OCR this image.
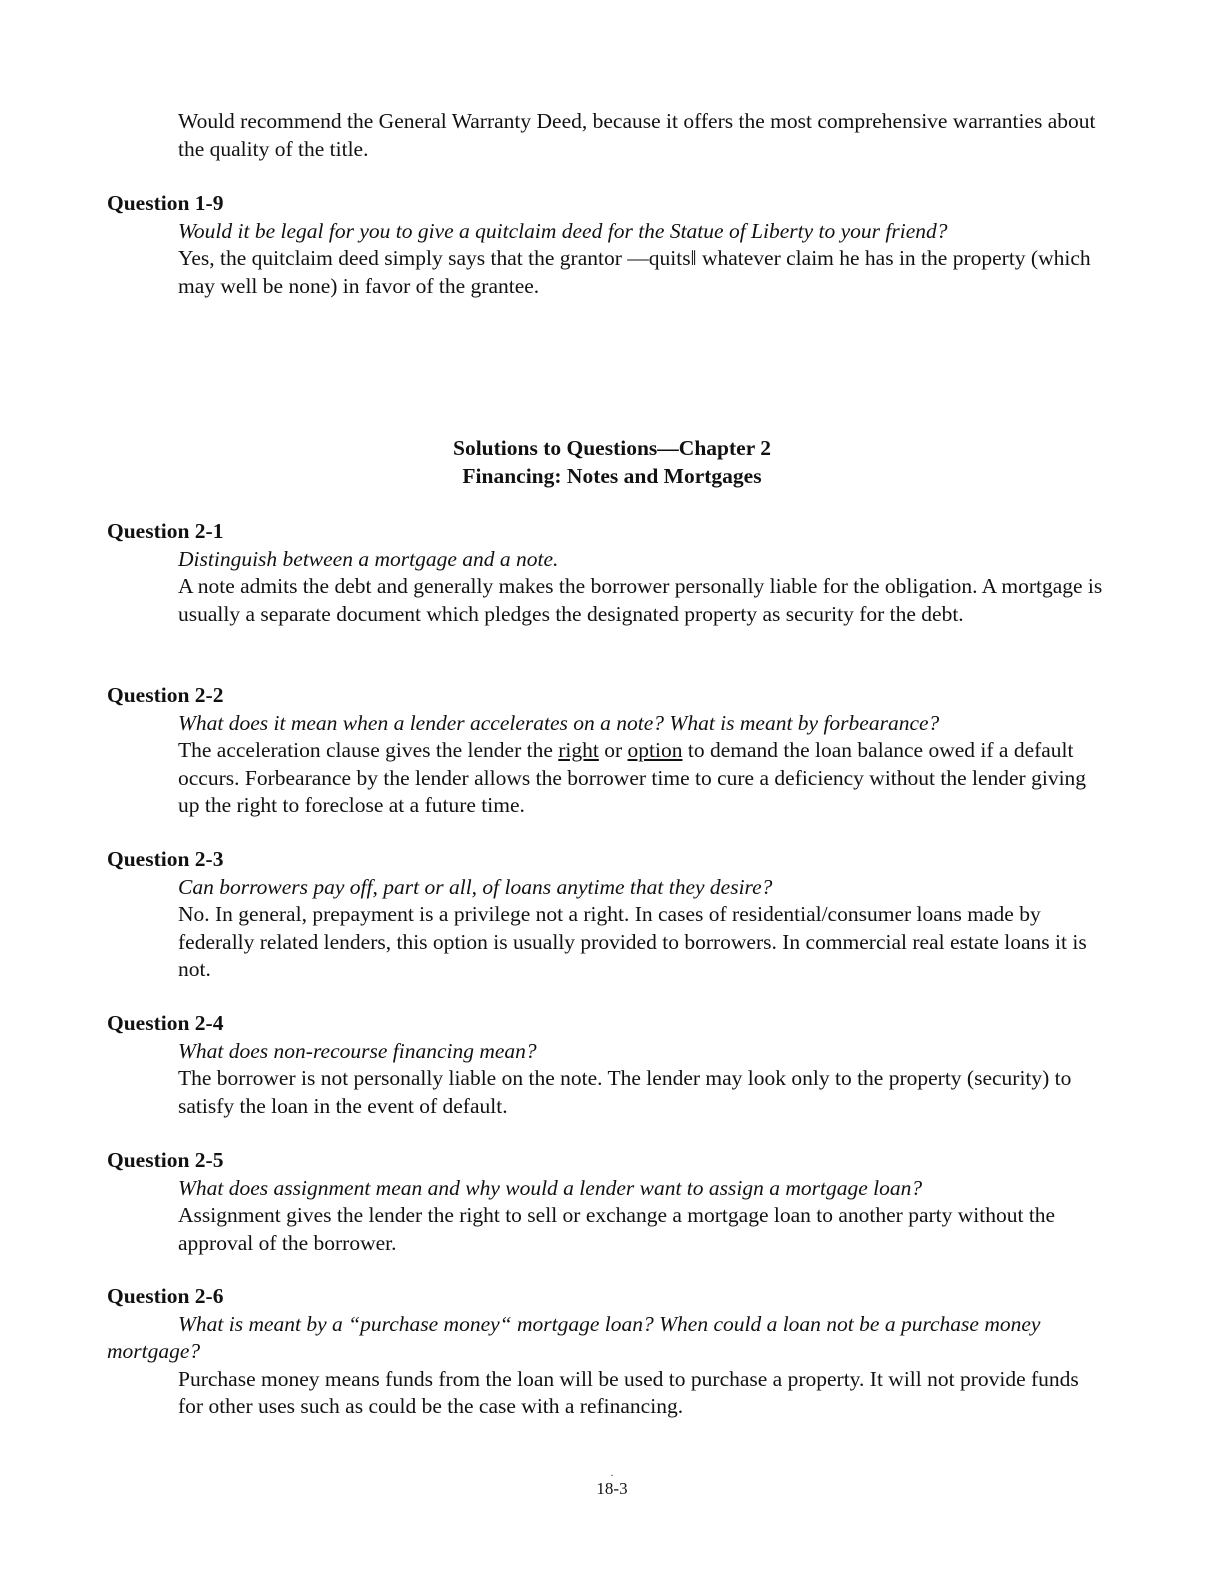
Would recommend the General Warranty Deed, because it offers the most comprehensive warranties about the quality of the title.
Question 1-9
Would it be legal for you to give a quitclaim deed for the Statue of Liberty to your friend?
Yes, the quitclaim deed simply says that the grantor —quits‖ whatever claim he has in the property (which may well be none) in favor of the grantee.
Solutions to Questions—Chapter 2
Financing: Notes and Mortgages
Question 2-1
Distinguish between a mortgage and a note.
A note admits the debt and generally makes the borrower personally liable for the obligation. A mortgage is usually a separate document which pledges the designated property as security for the debt.
Question 2-2
What does it mean when a lender accelerates on a note? What is meant by forbearance?
The acceleration clause gives the lender the right or option to demand the loan balance owed if a default occurs. Forbearance by the lender allows the borrower time to cure a deficiency without the lender giving up the right to foreclose at a future time.
Question 2-3
Can borrowers pay off, part or all, of loans anytime that they desire?
No. In general, prepayment is a privilege not a right. In cases of residential/consumer loans made by federally related lenders, this option is usually provided to borrowers. In commercial real estate loans it is not.
Question 2-4
What does non-recourse financing mean?
The borrower is not personally liable on the note. The lender may look only to the property (security) to satisfy the loan in the event of default.
Question 2-5
What does assignment mean and why would a lender want to assign a mortgage loan?
Assignment gives the lender the right to sell or exchange a mortgage loan to another party without the approval of the borrower.
Question 2-6
What is meant by a “purchase money“ mortgage loan? When could a loan not be a purchase money mortgage?
Purchase money means funds from the loan will be used to purchase a property. It will not provide funds for other uses such as could be the case with a refinancing.
.
18-3
